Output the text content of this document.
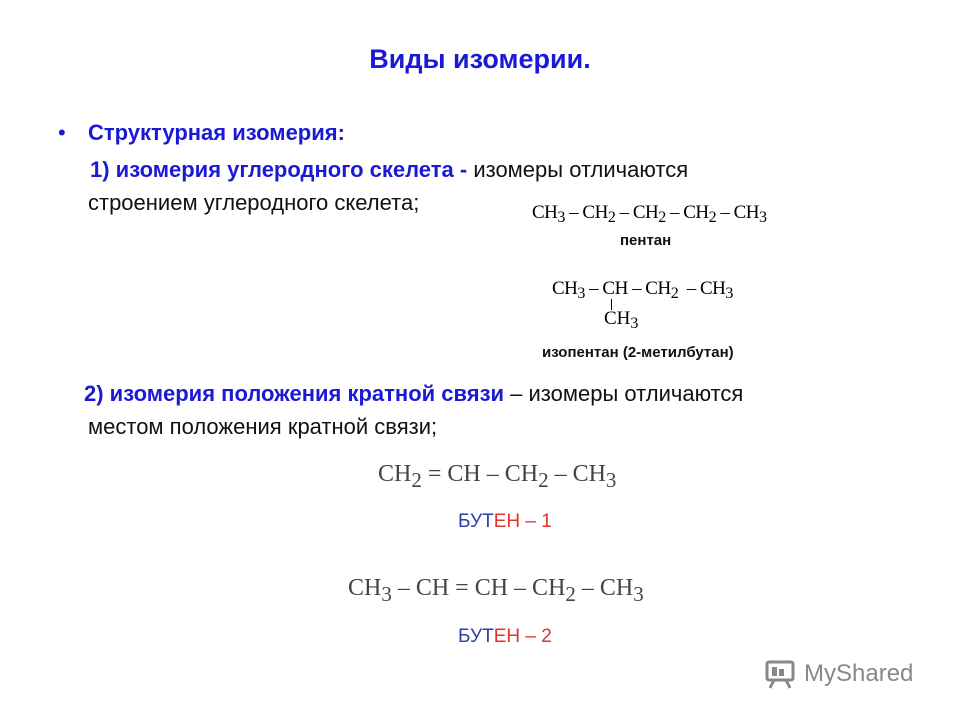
Виды изомерии.
• Структурная изомерия:
1) изомерия углеродного скелета - изомеры отличаются
строением углеродного скелета;	$CH_3 - CH_2 - CH_2 - CH_2 - CH_3$
пентан
$CH_3$ – CH – $CH_2 - CH_3$
$CH_3$
изопентан (2-метилбутан)
2) изомерия положения кратной связи – изомеры отличаются
местом положения кратной связи;
$CH_2$ = CH – $CH_2 - CH_3$
БУТЕН – 1
$CH_3$ – CH = CH – $CH_2 - CH_3$
БУТЕН – 2
MyShared
